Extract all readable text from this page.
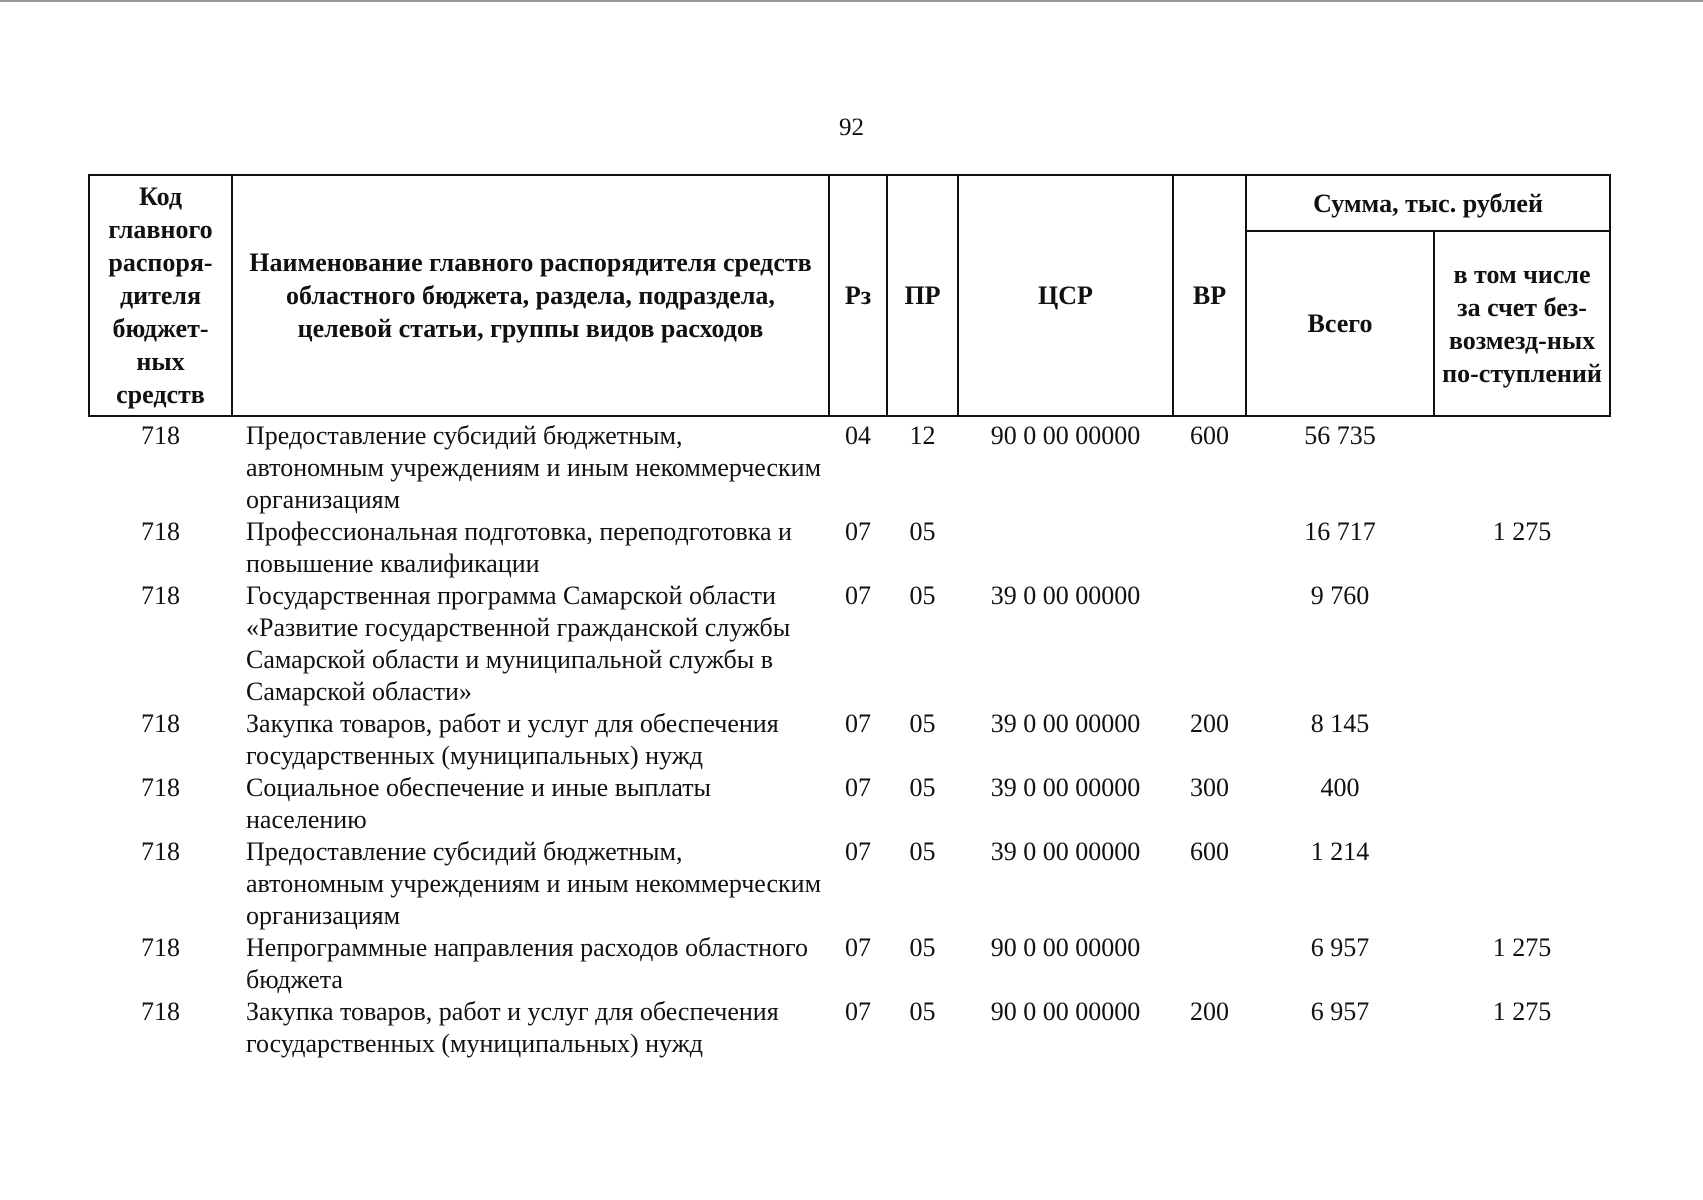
92
Код главного распоря-дителя бюджет-ных средств	Наименование главного распорядителя средств областного бюджета, раздела, подраздела, целевой статьи, группы видов расходов	Рз	ПР	ЦСР	ВР	Сумма, тыс. рублей	
						Всего	в том числе за счет без-возмезд-ных по-ступлений
718	Предоставление субсидий бюджетным, автономным учреждениям и иным некоммерческим организациям	04	12	90 0 00 00000	600	56 735	
718	Профессиональная подготовка, переподготовка и повышение квалификации	07	05			16 717	1 275
718	Государственная программа Самарской области «Развитие государственной гражданской службы Самарской области и муниципальной службы в Самарской области»	07	05	39 0 00 00000		9 760	
718	Закупка товаров, работ и услуг для обеспечения государственных (муниципальных) нужд	07	05	39 0 00 00000	200	8 145	
718	Социальное обеспечение и иные выплаты населению	07	05	39 0 00 00000	300	400	
718	Предоставление субсидий бюджетным, автономным учреждениям и иным некоммерческим организациям	07	05	39 0 00 00000	600	1 214	
718	Непрограммные направления расходов областного бюджета	07	05	90 0 00 00000		6 957	1 275
718	Закупка товаров, работ и услуг для обеспечения государственных (муниципальных) нужд	07	05	90 0 00 00000	200	6 957	1 275
